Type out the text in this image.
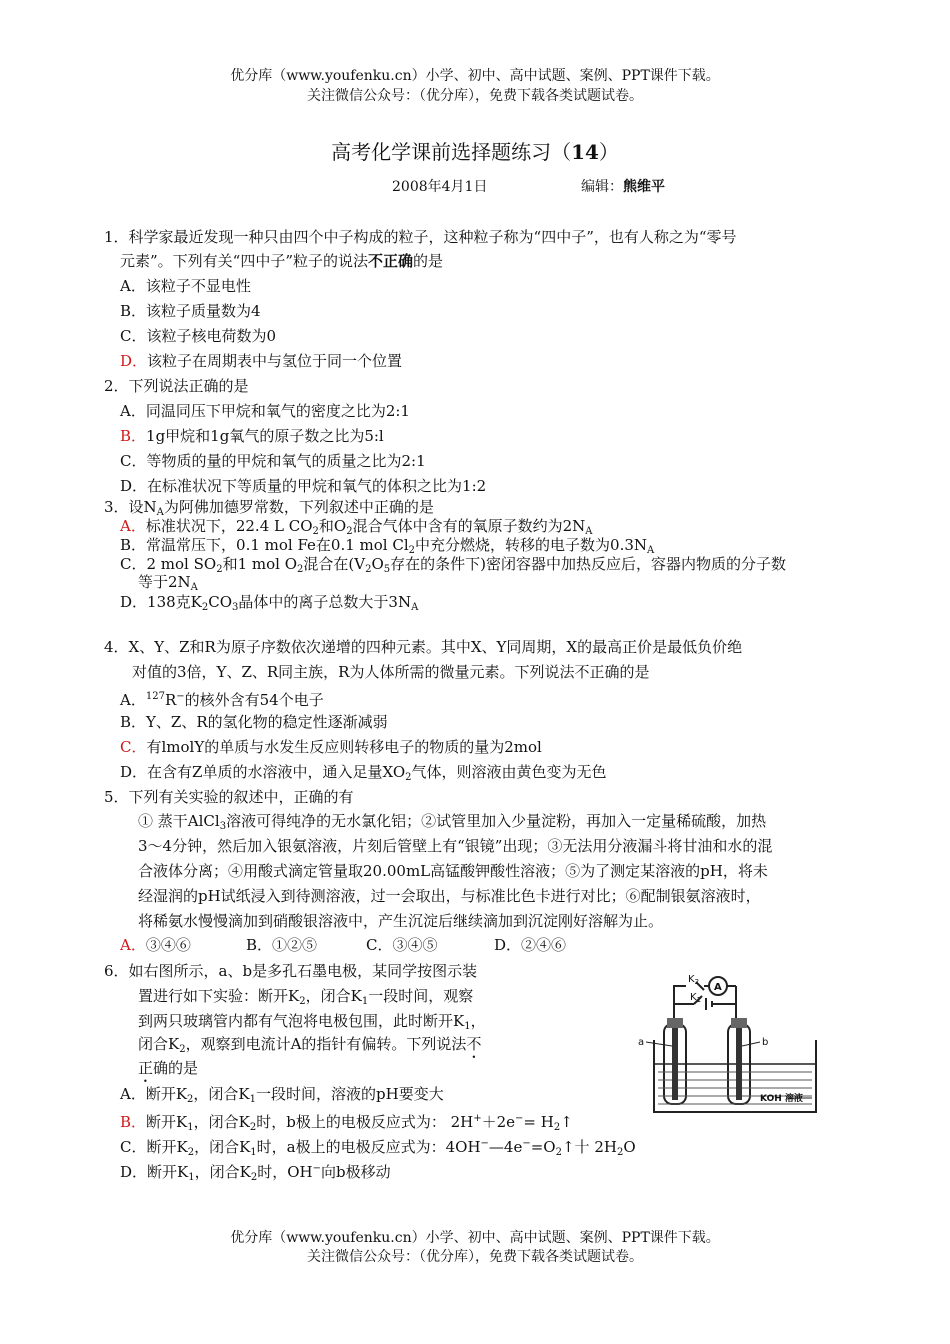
优分库（www.youfenku.cn）小学、初中、高中试题、案例、PPT课件下载。
关注微信公众号：（优分库），免费下载各类试题试卷。
高考化学课前选择题练习（14）
2008年4月1日	编辑：熊维平
1．科学家最近发现一种只由四个中子构成的粒子，这种粒子称为“四中子”，也有人称之为“零号
元素”。下列有关“四中子”粒子的说法不正确的是
A．该粒子不显电性
B．该粒子质量数为4
C．该粒子核电荷数为0
D．该粒子在周期表中与氢位于同一个位置
2．下列说法正确的是
A．同温同压下甲烷和氧气的密度之比为2:1
B．1g甲烷和1g氧气的原子数之比为5:l
C．等物质的量的甲烷和氧气的质量之比为2:1
D．在标准状况下等质量的甲烷和氧气的体积之比为1:2
3．设$N_A$为阿佛加德罗常数，下列叙述中正确的是
A．标准状况下，22.4 L $CO_2$和$O_2$混合气体中含有的氧原子数约为$2N_A$
B．常温常压下，0.1 mol Fe在0.1 mol $Cl_2$中充分燃烧，转移的电子数为$0.3N_A$
C．2 mol $SO_2$和1 mol $O_2$混合在($V_2O_5$存在的条件下)密闭容器中加热反应后，容器内物质的分子数
等于$2N_A$
D．138克$K_2CO_3$晶体中的离子总数大于$3N_A$
4．X、Y、Z和R为原子序数依次递增的四种元素。其中X、Y同周期，X的最高正价是最低负价绝
对值的3倍，Y、Z、R同主族，R为人体所需的微量元素。下列说法不正确的是
A．$^{127}$R−的核外含有54个电子
B．Y、Z、R的氢化物的稳定性逐渐减弱
C．有lmolY的单质与水发生反应则转移电子的物质的量为2mol
D．在含有Z单质的水溶液中，通入足量$XO_2$气体，则溶液由黄色变为无色
5．下列有关实验的叙述中，正确的有
① 蒸干AlCl$_3$溶液可得纯净的无水氯化铝；②试管里加入少量淀粉，再加入一定量稀硫酸，加热
3～4分钟，然后加入银氨溶液，片刻后管壁上有“银镜”出现；③无法用分液漏斗将甘油和水的混
合液体分离；④用酸式滴定管量取20.00mL高锰酸钾酸性溶液；⑤为了测定某溶液的pH，将未
经湿润的pH试纸浸入到待测溶液，过一会取出，与标准比色卡进行对比；⑥配制银氨溶液时，
将稀氨水慢慢滴加到硝酸银溶液中，产生沉淀后继续滴加到沉淀刚好溶解为止。
A．③④⑥	B．①②⑤	C．③④⑤	D．②④⑥
6．如右图所示，a、b是多孔石墨电极，某同学按图示装
置进行如下实验：断开$K_2$，闭合$K_1$一段时间，观察
到两只玻璃管内都有气泡将电极包围，此时断开$K_1$，
闭合$K_2$，观察到电流计A的指针有偏转。下列说法不
正确的是
A．断开$K_2$，闭合$K_1$一段时间，溶液的pH要变大
B．断开$K_1$，闭合$K_2$时，b极上的电极反应式为： $2H^++2e^-= H_2↑$
C．断开$K_2$，闭合$K_1$时，a极上的电极反应式为：$4OH^-—4e^-=O_2↑$十 $2H_2O$
D．断开$K_1$，闭合$K_2$时，OH−向b极移动
$K_2$
$K_1$
A
a	b
KOH 溶液
优分库（www.youfenku.cn）小学、初中、高中试题、案例、PPT课件下载。
关注微信公众号：（优分库），免费下载各类试题试卷。
